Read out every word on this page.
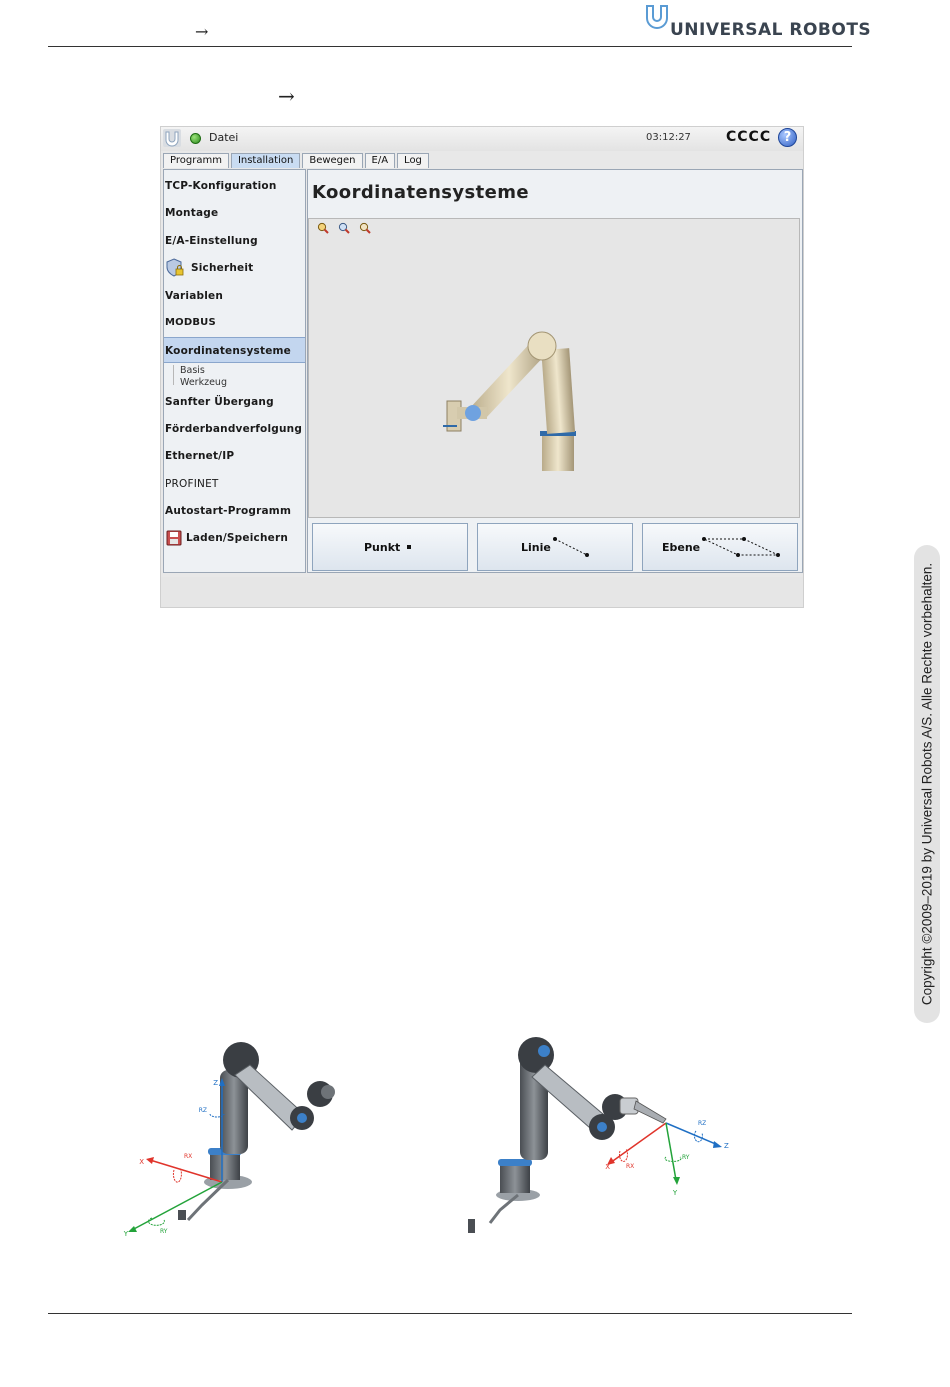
→	UNIVERSAL ROBOTS
→
Datei	03:12:27	CCCC ?
Programm	Installation	Bewegen	E/A	Log
TCP-Konfiguration
Montage
E/A-Einstellung
Sicherheit
Variablen
MODBUS
Koordinatensysteme
Basis
Werkzeug
Sanfter Übergang
Förderbandverfolgung
Ethernet/IP
PROFINET
Autostart-Programm
Laden/Speichern
Koordinatensysteme
Punkt	Linie	Ebene
Copyright ©2009–2019 by Universal Robots A/S. Alle Rechte vorbehalten.
Z
RZ
X
RX
Y	RY
Z
RZ
X	RX
Y
RY
